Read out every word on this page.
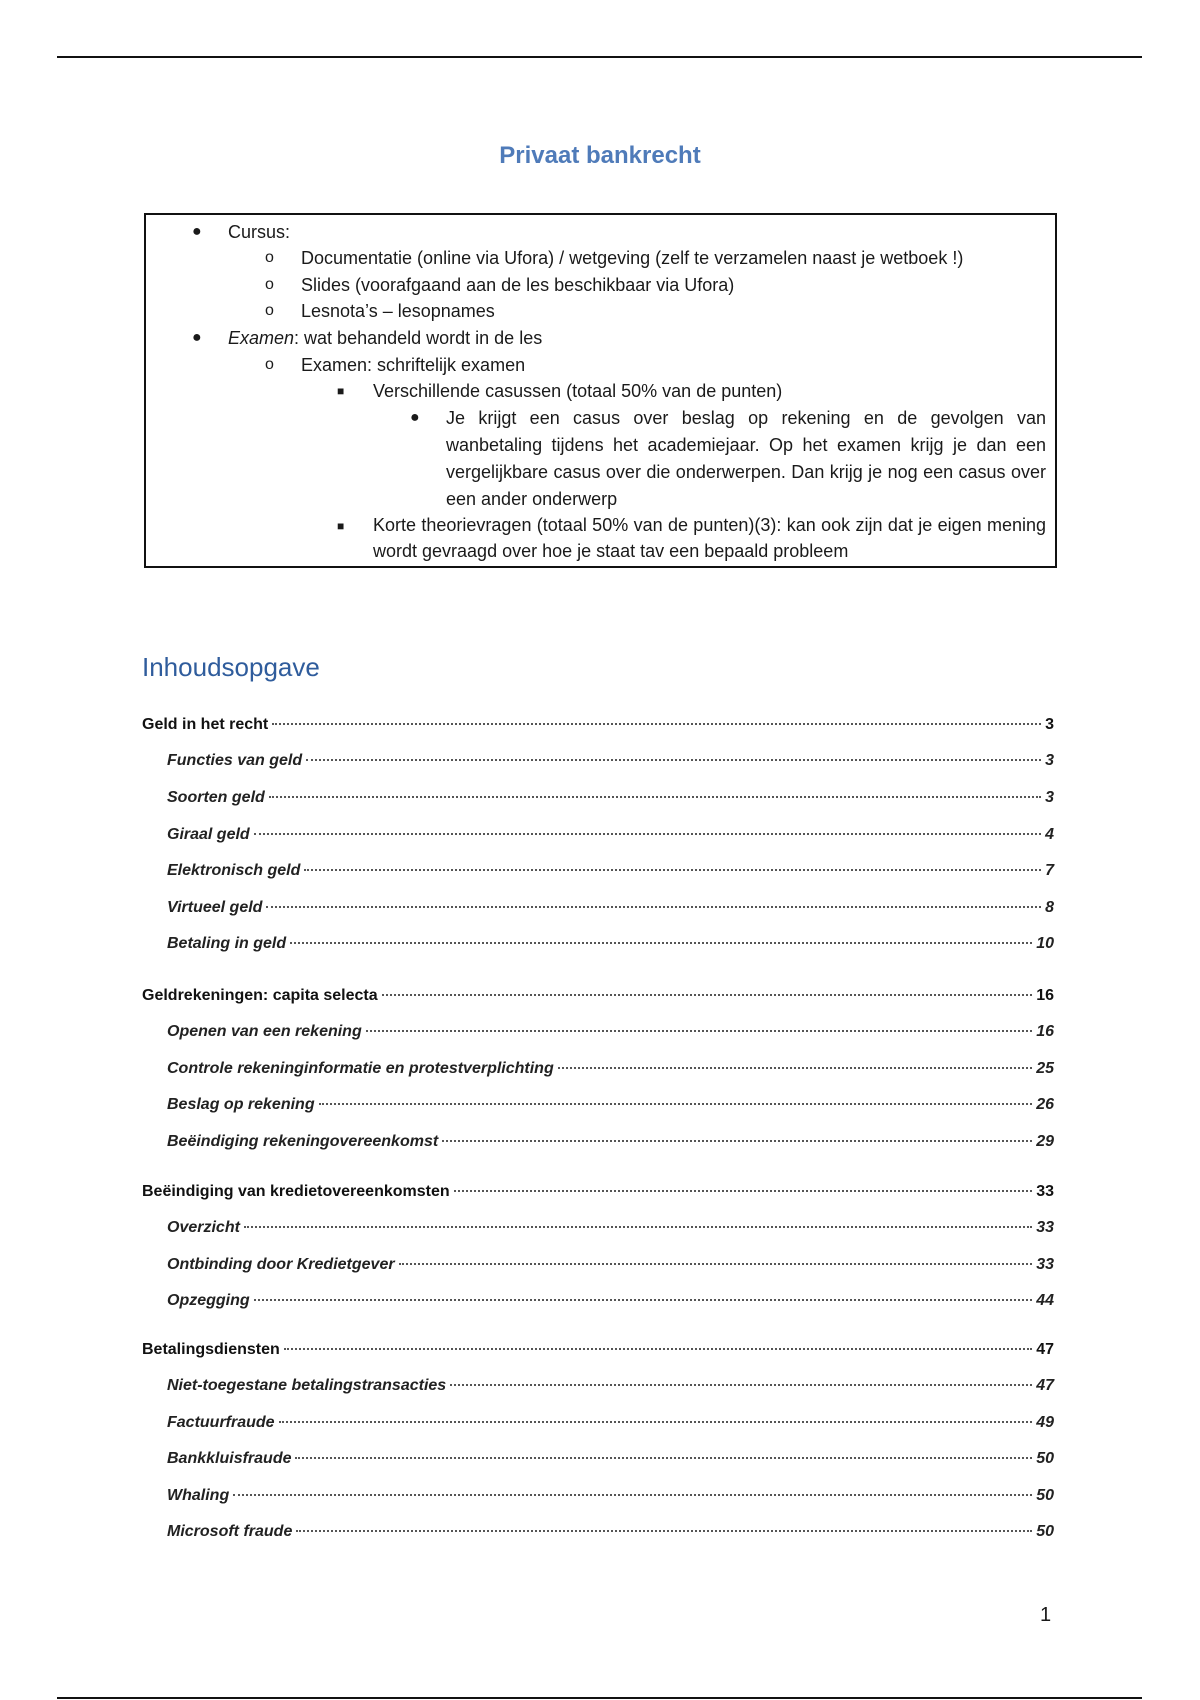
Privaat bankrecht
● Cursus:
o Documentatie (online via Ufora) / wetgeving (zelf te verzamelen naast je wetboek !)
o Slides (voorafgaand aan de les beschikbaar via Ufora)
o Lesnota’s – lesopnames
● Examen: wat behandeld wordt in de les
o Examen: schriftelijk examen
■ Verschillende casussen (totaal 50% van de punten)
● Je krijgt een casus over beslag op rekening en de gevolgen van wanbetaling tijdens het academiejaar. Op het examen krijg je dan een vergelijkbare casus over die onderwerpen. Dan krijg je nog een casus over een ander onderwerp
■ Korte theorievragen (totaal 50% van de punten)(3): kan ook zijn dat je eigen mening wordt gevraagd over hoe je staat tav een bepaald probleem
Inhoudsopgave
Geld in het recht	3
Functies van geld	3
Soorten geld	3
Giraal geld	4
Elektronisch geld	7
Virtueel geld	8
Betaling in geld	10
Geldrekeningen: capita selecta	16
Openen van een rekening	16
Controle rekeninginformatie en protestverplichting	25
Beslag op rekening	26
Beëindiging rekeningovereenkomst	29
Beëindiging van kredietovereenkomsten	33
Overzicht	33
Ontbinding door Kredietgever	33
Opzegging	44
Betalingsdiensten	47
Niet-toegestane betalingstransacties	47
Factuurfraude	49
Bankkluisfraude	50
Whaling	50
Microsoft fraude	50
1
